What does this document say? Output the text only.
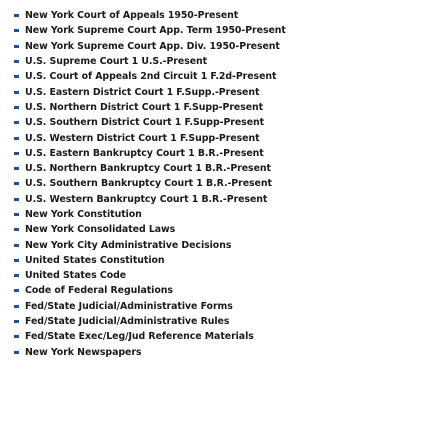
New York Court of Appeals 1950-Present
New York Supreme Court App. Term 1950-Present
New York Supreme Court App. Div. 1950-Present
U.S. Supreme Court 1 U.S.-Present
U.S. Court of Appeals 2nd Circuit 1 F.2d-Present
U.S. Eastern District Court 1 F.Supp.-Present
U.S. Northern District Court 1 F.Supp-Present
U.S. Southern District Court 1 F.Supp-Present
U.S. Western District Court 1 F.Supp-Present
U.S. Eastern Bankruptcy Court 1 B.R.-Present
U.S. Northern Bankruptcy Court 1 B.R.-Present
U.S. Southern Bankruptcy Court 1 B.R.-Present
U.S. Western Bankruptcy Court 1 B.R.-Present
New York Constitution
New York Consolidated Laws
New York City Administrative Decisions
United States Constitution
United States Code
Code of Federal Regulations
Fed/State Judicial/Administrative Forms
Fed/State Judicial/Administrative Rules
Fed/State Exec/Leg/Jud Reference Materials
New York Newspapers
